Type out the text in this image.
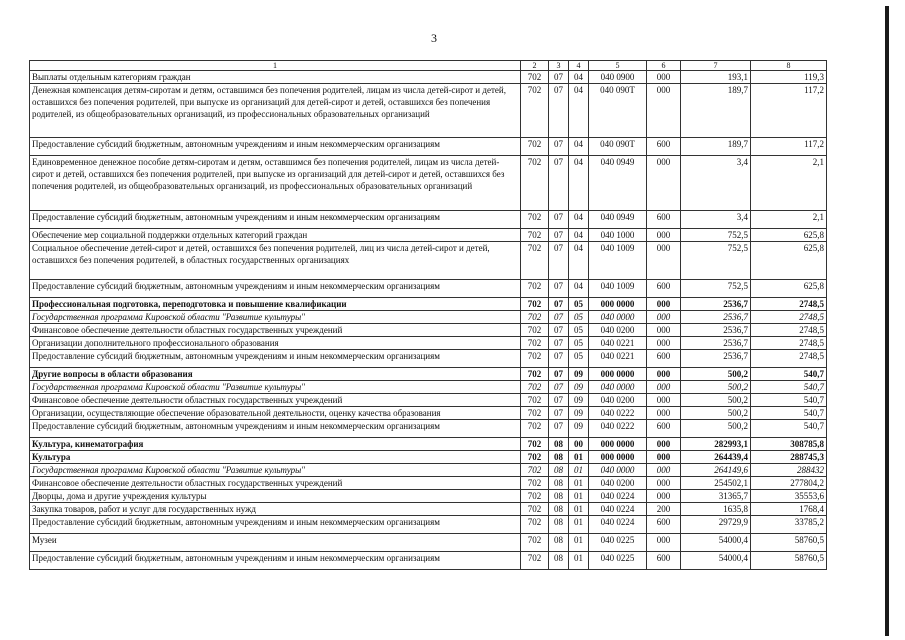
3
1	2	3	4	5	6	7	8
Выплаты отдельным категориям граждан	702	07	04	040 0900	000	193,1	119,3
Денежная компенсация детям-сиротам и детям, оставшимся без попечения родителей, лицам из числа детей-сирот и детей, оставшихся без попечения родителей, при выпуске из организаций для детей-сирот и детей, оставшихся без попечения родителей, из общеобразовательных организаций, из профессиональных образовательных организаций	702	07	04	040 090Т	000	189,7	117,2
Предоставление субсидий бюджетным, автономным учреждениям и иным некоммерческим организациям	702	07	04	040 090Т	600	189,7	117,2
Единовременное денежное пособие детям-сиротам и детям, оставшимся без попечения родителей, лицам из числа детей-сирот и детей, оставшихся без попечения родителей, при выпуске из организаций для детей-сирот и детей, оставшихся без попечения родителей, из общеобразовательных организаций, из профессиональных образовательных организаций	702	07	04	040 0949	000	3,4	2,1
Предоставление субсидий бюджетным, автономным учреждениям и иным некоммерческим организациям	702	07	04	040 0949	600	3,4	2,1
Обеспечение мер социальной поддержки отдельных категорий граждан	702	07	04	040 1000	000	752,5	625,8
Социальное обеспечение детей-сирот и детей, оставшихся без попечения родителей, лиц из числа детей-сирот и детей, оставшихся без попечения родителей, в областных государственных организациях	702	07	04	040 1009	000	752,5	625,8
Предоставление субсидий бюджетным, автономным учреждениям и иным некоммерческим организациям	702	07	04	040 1009	600	752,5	625,8
Профессиональная подготовка, переподготовка и повышение квалификации	702	07	05	000 0000	000	2536,7	2748,5
Государственная программа Кировской области "Развитие культуры"	702	07	05	040 0000	000	2536,7	2748,5
Финансовое обеспечение деятельности областных государственных учреждений	702	07	05	040 0200	000	2536,7	2748,5
Организации дополнительного профессионального образования	702	07	05	040 0221	000	2536,7	2748,5
Предоставление субсидий бюджетным, автономным учреждениям и иным некоммерческим организациям	702	07	05	040 0221	600	2536,7	2748,5
Другие вопросы в области образования	702	07	09	000 0000	000	500,2	540,7
Государственная программа Кировской области "Развитие культуры"	702	07	09	040 0000	000	500,2	540,7
Финансовое обеспечение деятельности областных государственных учреждений	702	07	09	040 0200	000	500,2	540,7
Организации, осуществляющие обеспечение образовательной деятельности, оценку качества образования	702	07	09	040 0222	000	500,2	540,7
Предоставление субсидий бюджетным, автономным учреждениям и иным некоммерческим организациям	702	07	09	040 0222	600	500,2	540,7
Культура, кинематография	702	08	00	000 0000	000	282993,1	308785,8
Культура	702	08	01	000 0000	000	264439,4	288745,3
Государственная программа Кировской области "Развитие культуры"	702	08	01	040 0000	000	264149,6	288432
Финансовое обеспечение деятельности областных государственных учреждений	702	08	01	040 0200	000	254502,1	277804,2
Дворцы, дома и другие учреждения культуры	702	08	01	040 0224	000	31365,7	35553,6
Закупка товаров, работ и услуг для государственных нужд	702	08	01	040 0224	200	1635,8	1768,4
Предоставление субсидий бюджетным, автономным учреждениям и иным некоммерческим организациям	702	08	01	040 0224	600	29729,9	33785,2
Музеи	702	08	01	040 0225	000	54000,4	58760,5
Предоставление субсидий бюджетным, автономным учреждениям и иным некоммерческим организациям	702	08	01	040 0225	600	54000,4	58760,5
